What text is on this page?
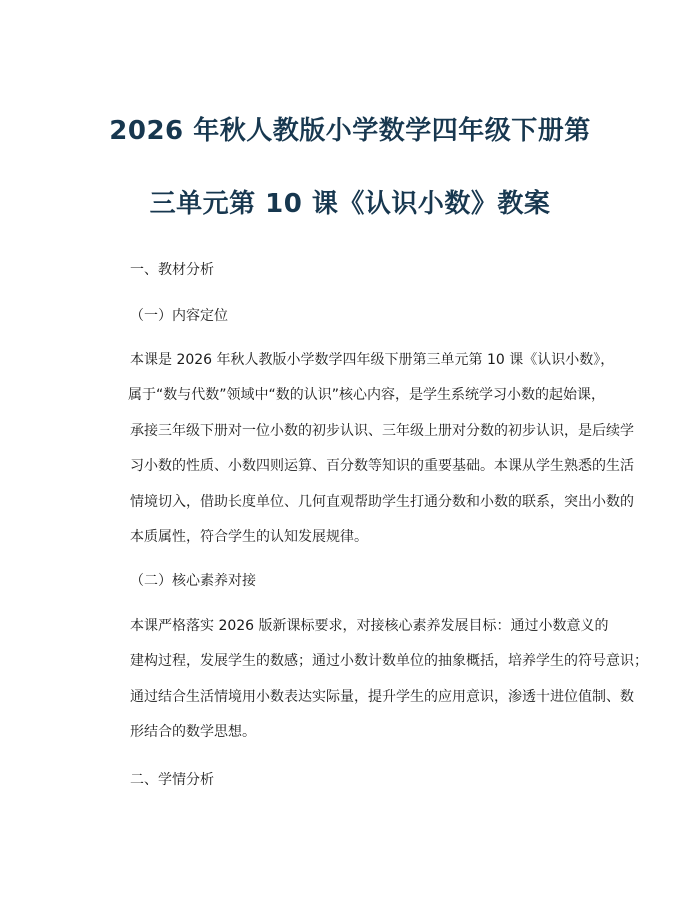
2026 年秋人教版小学数学四年级下册第
三单元第 10 课《认识小数》教案

一、教材分析

（一）内容定位

本课是 2026 年秋人教版小学数学四年级下册第三单元第 10 课《认识小数》，
属于“数与代数”领域中“数的认识”核心内容，是学生系统学习小数的起始课，
承接三年级下册对一位小数的初步认识、三年级上册对分数的初步认识，是后续学
习小数的性质、小数四则运算、百分数等知识的重要基础。本课从学生熟悉的生活
情境切入，借助长度单位、几何直观帮助学生打通分数和小数的联系，突出小数的
本质属性，符合学生的认知发展规律。

（二）核心素养对接

本课严格落实 2026 版新课标要求，对接核心素养发展目标：通过小数意义的
建构过程，发展学生的数感；通过小数计数单位的抽象概括，培养学生的符号意识；
通过结合生活情境用小数表达实际量，提升学生的应用意识，渗透十进位值制、数
形结合的数学思想。

二、学情分析
